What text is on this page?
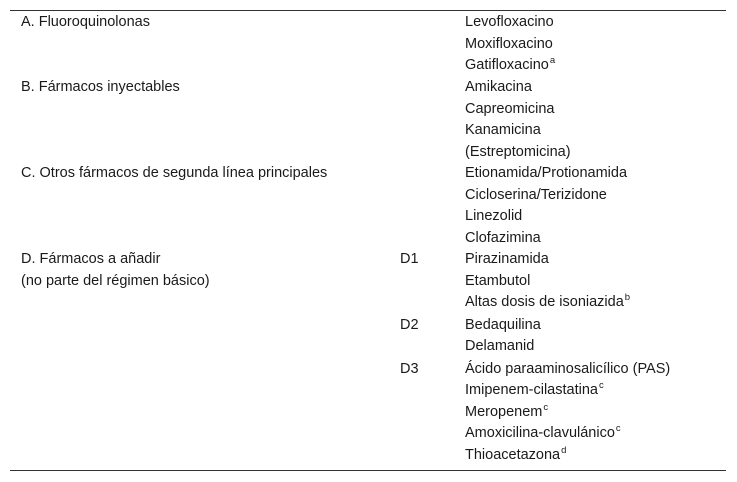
A. Fluoroquinolonas	Levofloxacino
Moxifloxacino
Gatifloxacino$^a$
B. Fármacos inyectables	Amikacina
Capreomicina
Kanamicina
(Estreptomicina)
C. Otros fármacos de segunda línea principales	Etionamida/Protionamida
Cicloserina/Terizidone
Linezolid
Clofazimina
D. Fármacos a añadir
(no parte del régimen básico)
D1	Pirazinamida
Etambutol
Altas dosis de isoniazida$^b$
D2	Bedaquilina
Delamanid
D3	Ácido paraaminosalicílico (PAS)
Imipenem-cilastatina$^c$
Meropenem$^c$
Amoxicilina-clavulánico$^c$
Thioacetazona$^d$
